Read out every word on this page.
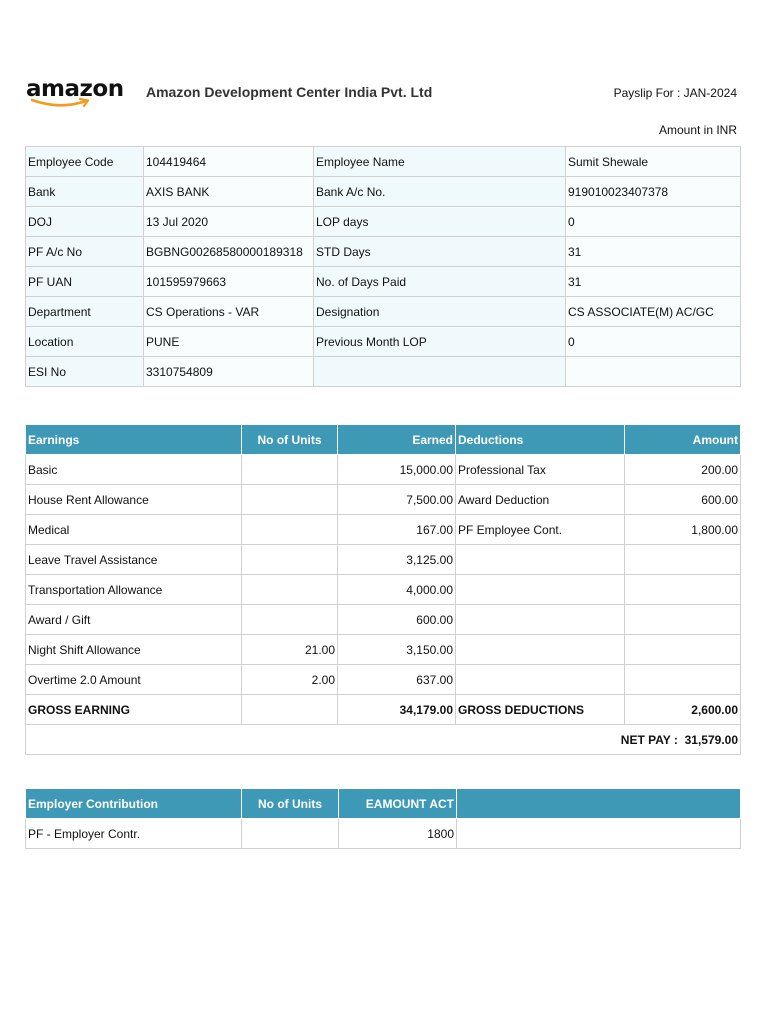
amazon Amazon Development Center India Pvt. Ltd	Payslip For : JAN-2024
Amount in INR
Employee Code	104419464	Employee Name	Sumit Shewale
Bank	AXIS BANK	Bank A/c No.	919010023407378
DOJ	13 Jul 2020	LOP days	0
PF A/c No	BGBNG00268580000189318	STD Days	31
PF UAN	101595979663	No. of Days Paid	31
Department	CS Operations - VAR	Designation	CS ASSOCIATE(M) AC/GC
Location	PUNE	Previous Month LOP	0
ESI No	3310754809		
Earnings	No of Units	Earned	Deductions	Amount
Basic		15,000.00	Professional Tax	200.00
House Rent Allowance		7,500.00	Award Deduction	600.00
Medical		167.00	PF Employee Cont.	1,800.00
Leave Travel Assistance		3,125.00		
Transportation Allowance		4,000.00		
Award / Gift		600.00		
Night Shift Allowance	21.00	3,150.00		
Overtime 2.0 Amount	2.00	637.00		
GROSS EARNING		34,179.00	GROSS DEDUCTIONS	2,600.00
NET PAY : 31,579.00				
Employer Contribution	No of Units	EAMOUNT ACT	
PF - Employer Contr.		1800	
